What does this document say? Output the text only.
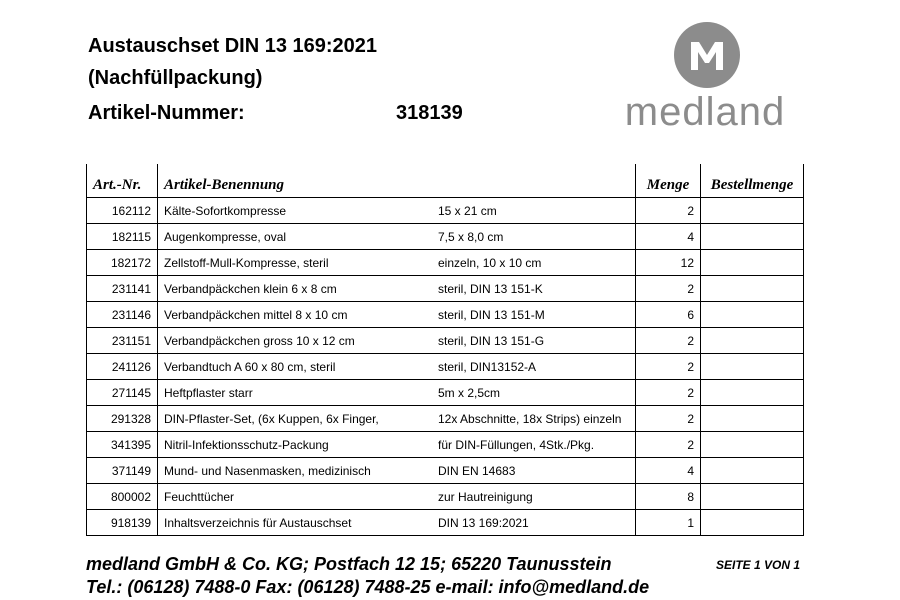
Austauschset DIN 13 169:2021
(Nachfüllpackung)
Artikel-Nummer:	318139	medland
Art.-Nr.	Artikel-Benennung		Menge	Bestellmenge
162112	Kälte-Sofortkompresse	15 x 21 cm	2	
182115	Augenkompresse, oval	7,5 x 8,0 cm	4	
182172	Zellstoff-Mull-Kompresse, steril	einzeln, 10 x 10 cm	12	
231141	Verbandpäckchen klein 6 x 8 cm	steril, DIN 13 151-K	2	
231146	Verbandpäckchen mittel 8 x 10 cm	steril, DIN 13 151-M	6	
231151	Verbandpäckchen gross 10 x 12 cm	steril, DIN 13 151-G	2	
241126	Verbandtuch A 60 x 80 cm, steril	steril, DIN13152-A	2	
271145	Heftpflaster starr	5m x 2,5cm	2	
291328	DIN-Pflaster-Set, (6x Kuppen, 6x Finger,	12x Abschnitte, 18x Strips) einzeln	2	
341395	Nitril-Infektionsschutz-Packung	für DIN-Füllungen, 4Stk./Pkg.	2	
371149	Mund- und Nasenmasken, medizinisch	DIN EN 14683	4	
800002	Feuchttücher	zur Hautreinigung	8	
918139	Inhaltsverzeichnis für Austauschset	DIN 13 169:2021	1	
medland GmbH & Co. KG; Postfach 12 15; 65220 Taunusstein
Tel.: (06128) 7488-0 Fax: (06128) 7488-25 e-mail: info@medland.de
SEITE 1 VON 1
